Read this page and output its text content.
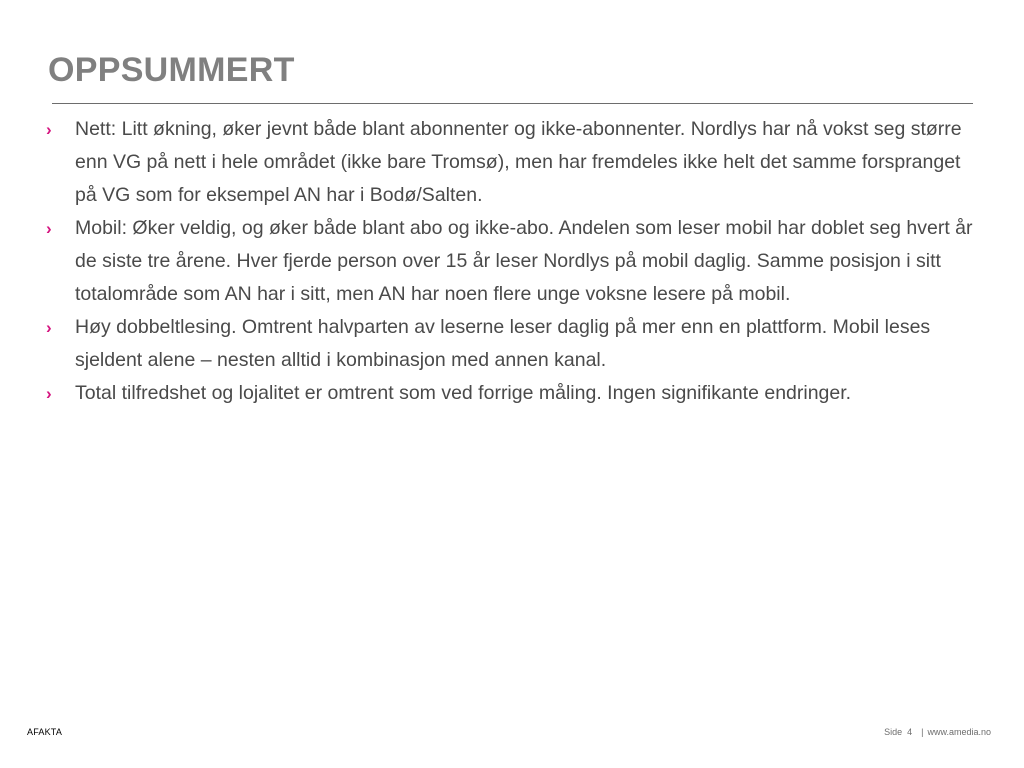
OPPSUMMERT
›	Nett: Litt økning, øker jevnt både blant abonnenter og ikke-abonnenter. Nordlys har nå vokst seg større enn VG på nett i hele området (ikke bare Tromsø), men har fremdeles ikke helt det samme forspranget på VG som for eksempel AN har i Bodø/Salten.
›	Mobil: Øker veldig, og øker både blant abo og ikke-abo. Andelen som leser mobil har doblet seg hvert år de siste tre årene. Hver fjerde person over 15 år leser Nordlys på mobil daglig. Samme posisjon i sitt totalområde som AN har i sitt, men AN har noen flere unge voksne lesere på mobil.
›	Høy dobbeltlesing. Omtrent halvparten av leserne leser daglig på mer enn en plattform. Mobil leses sjeldent alene – nesten alltid i kombinasjon med annen kanal.
›	Total tilfredshet og lojalitet er omtrent som ved forrige måling. Ingen signifikante endringer.
AFAKTA	Side 4 | www.amedia.no
